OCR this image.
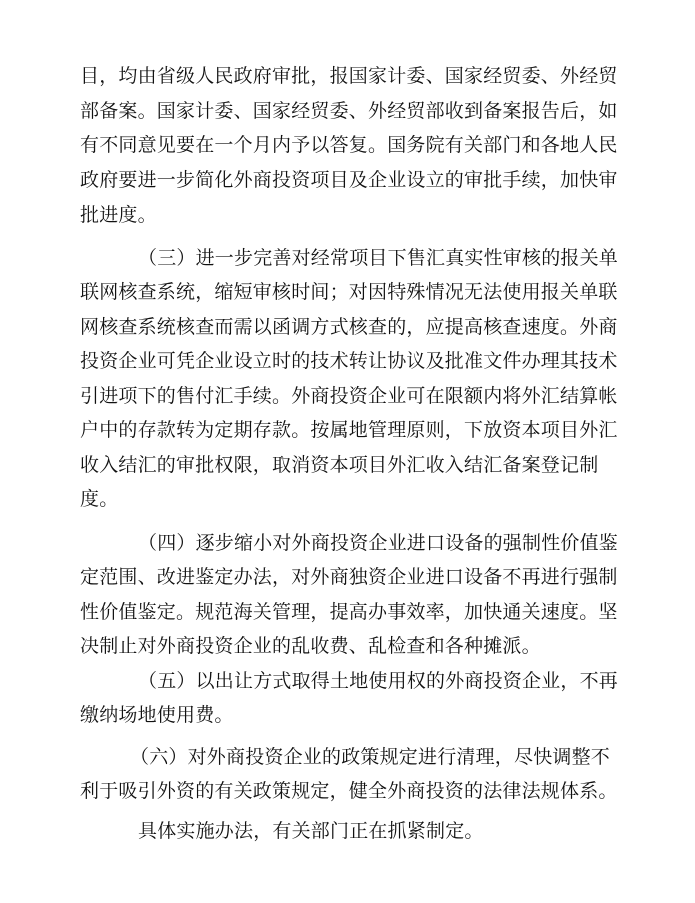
目，均由省级人民政府审批，报国家计委、国家经贸委、外经贸
部备案。国家计委、国家经贸委、外经贸部收到备案报告后，如
有不同意见要在一个月内予以答复。国务院有关部门和各地人民
政府要进一步简化外商投资项目及企业设立的审批手续，加快审
批进度。
（三）进一步完善对经常项目下售汇真实性审核的报关单
联网核查系统，缩短审核时间；对因特殊情况无法使用报关单联
网核查系统核查而需以函调方式核查的，应提高核查速度。外商
投资企业可凭企业设立时的技术转让协议及批准文件办理其技术
引进项下的售付汇手续。外商投资企业可在限额内将外汇结算帐
户中的存款转为定期存款。按属地管理原则，下放资本项目外汇
收入结汇的审批权限，取消资本项目外汇收入结汇备案登记制
度。
（四）逐步缩小对外商投资企业进口设备的强制性价值鉴
定范围、改进鉴定办法，对外商独资企业进口设备不再进行强制
性价值鉴定。规范海关管理，提高办事效率，加快通关速度。坚
决制止对外商投资企业的乱收费、乱检查和各种摊派。
（五）以出让方式取得土地使用权的外商投资企业，不再
缴纳场地使用费。
（六）对外商投资企业的政策规定进行清理，尽快调整不
利于吸引外资的有关政策规定，健全外商投资的法律法规体系。
具体实施办法，有关部门正在抓紧制定。
